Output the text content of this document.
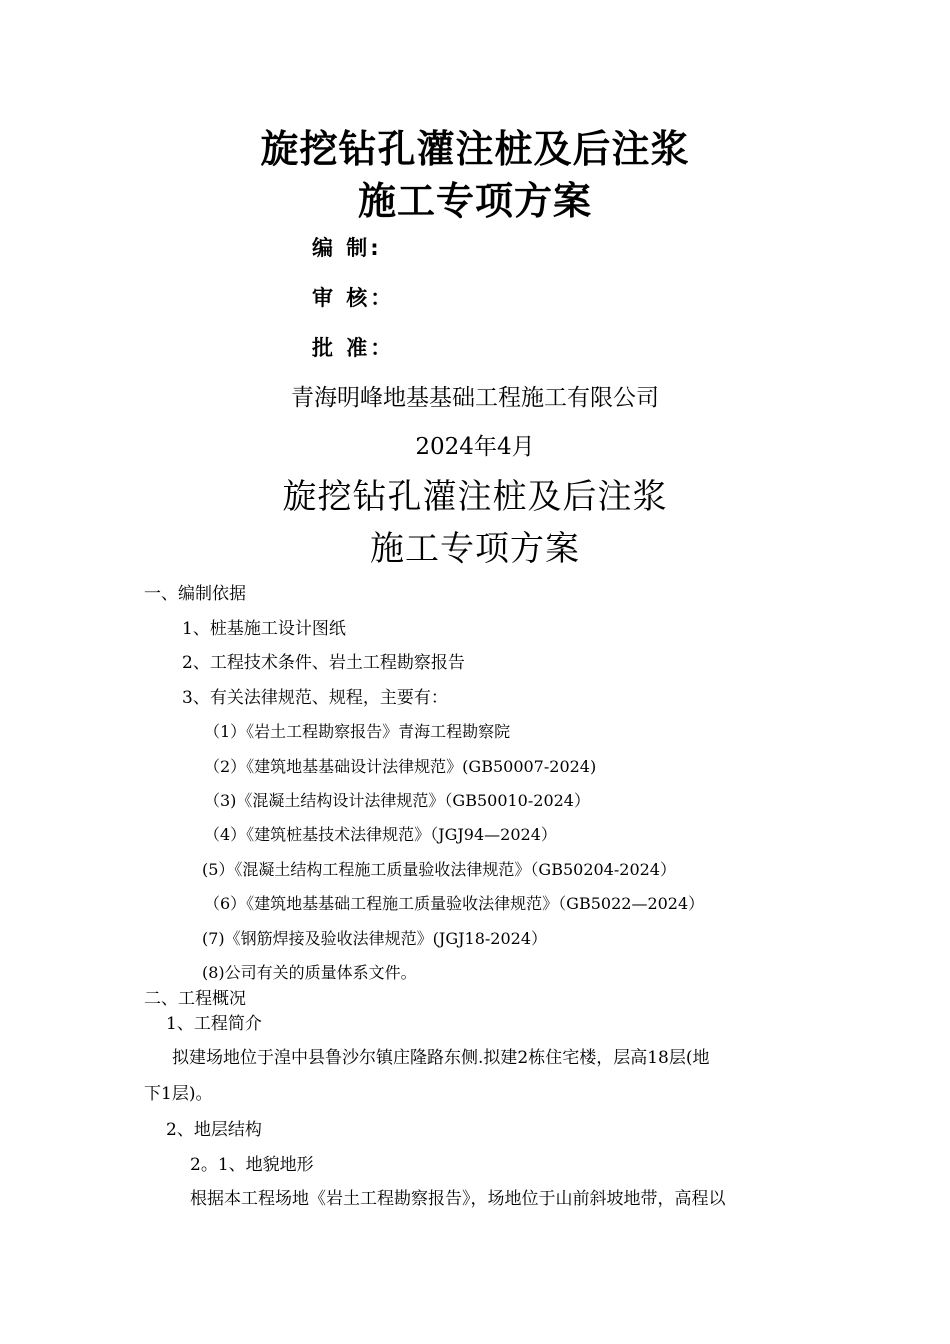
旋挖钻孔灌注桩及后注浆
施工专项方案
编 制:
审 核：
批 准：
青海明峰地基基础工程施工有限公司
2024年4月
旋挖钻孔灌注桩及后注浆
施工专项方案
一、编制依据
1、桩基施工设计图纸
2、工程技术条件、岩土工程勘察报告
3、有关法律规范、规程，主要有：
（1）《岩土工程勘察报告》青海工程勘察院
（2）《建筑地基基础设计法律规范》(GB50007-2024)
（3)《混凝土结构设计法律规范》（GB50010-2024）
（4）《建筑桩基技术法律规范》（JGJ94—2024）
(5）《混凝土结构工程施工质量验收法律规范》（GB50204-2024）
（6）《建筑地基基础工程施工质量验收法律规范》（GB5022—2024）
(7)《钢筋焊接及验收法律规范》(JGJ18-2024）
(8)公司有关的质量体系文件。
二、工程概况
1、工程简介
拟建场地位于湟中县鲁沙尔镇庄隆路东侧.拟建2栋住宅楼，层高18层(地
下1层)。
2、地层结构
2。1、地貌地形
根据本工程场地《岩土工程勘察报告》，场地位于山前斜坡地带，高程以
